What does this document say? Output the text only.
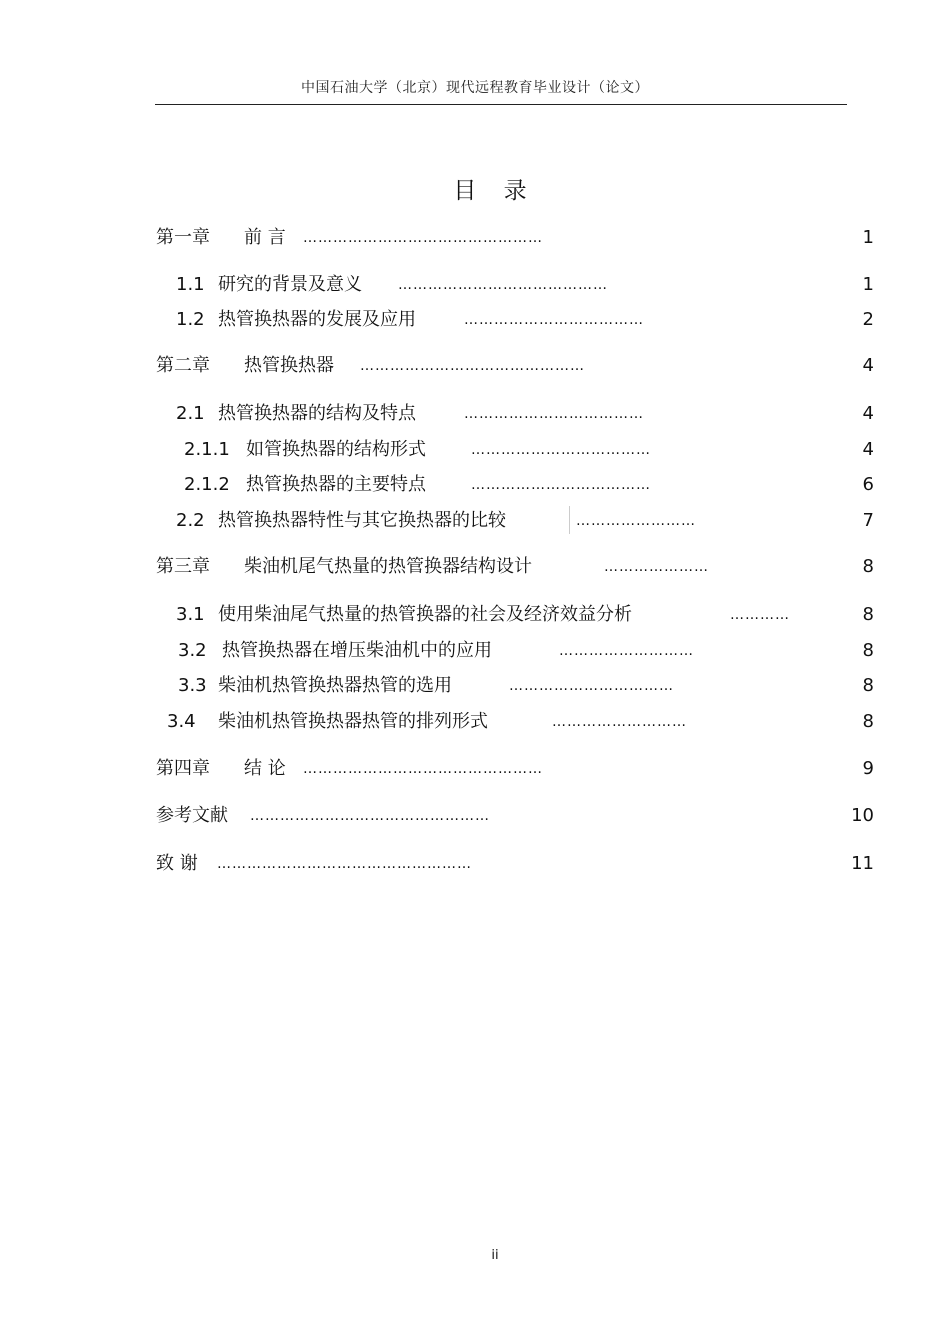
中国石油大学（北京）现代远程教育毕业设计（论文）
目 录
第一章 前 言 …………………………………………	1
1.1 研究的背景及意义	……………………………………	1
1.2 热管换热器的发展及应用	………………………………	2
第二章 热管换热器 ………………………………………	4
2.1 热管换热器的结构及特点	………………………………	4
2.1.1 如管换热器的结构形式	………………………………	4
2.1.2 热管换热器的主要特点	………………………………	6
2.2 热管换热器特性与其它换热器的比较	……………………	7
第三章 柴油机尾气热量的热管换器结构设计	…………………	8
3.1 使用柴油尾气热量的热管换器的社会及经济效益分析	…………	8
3.2 热管换热器在增压柴油机中的应用	………………………	8
3.3 柴油机热管换热器热管的选用	……………………………	8
3.4 柴油机热管换热器热管的排列形式	………………………	8
第四章 结 论 …………………………………………	9
参考文献 …………………………………………	10
致 谢 ……………………………………………	11
ii
